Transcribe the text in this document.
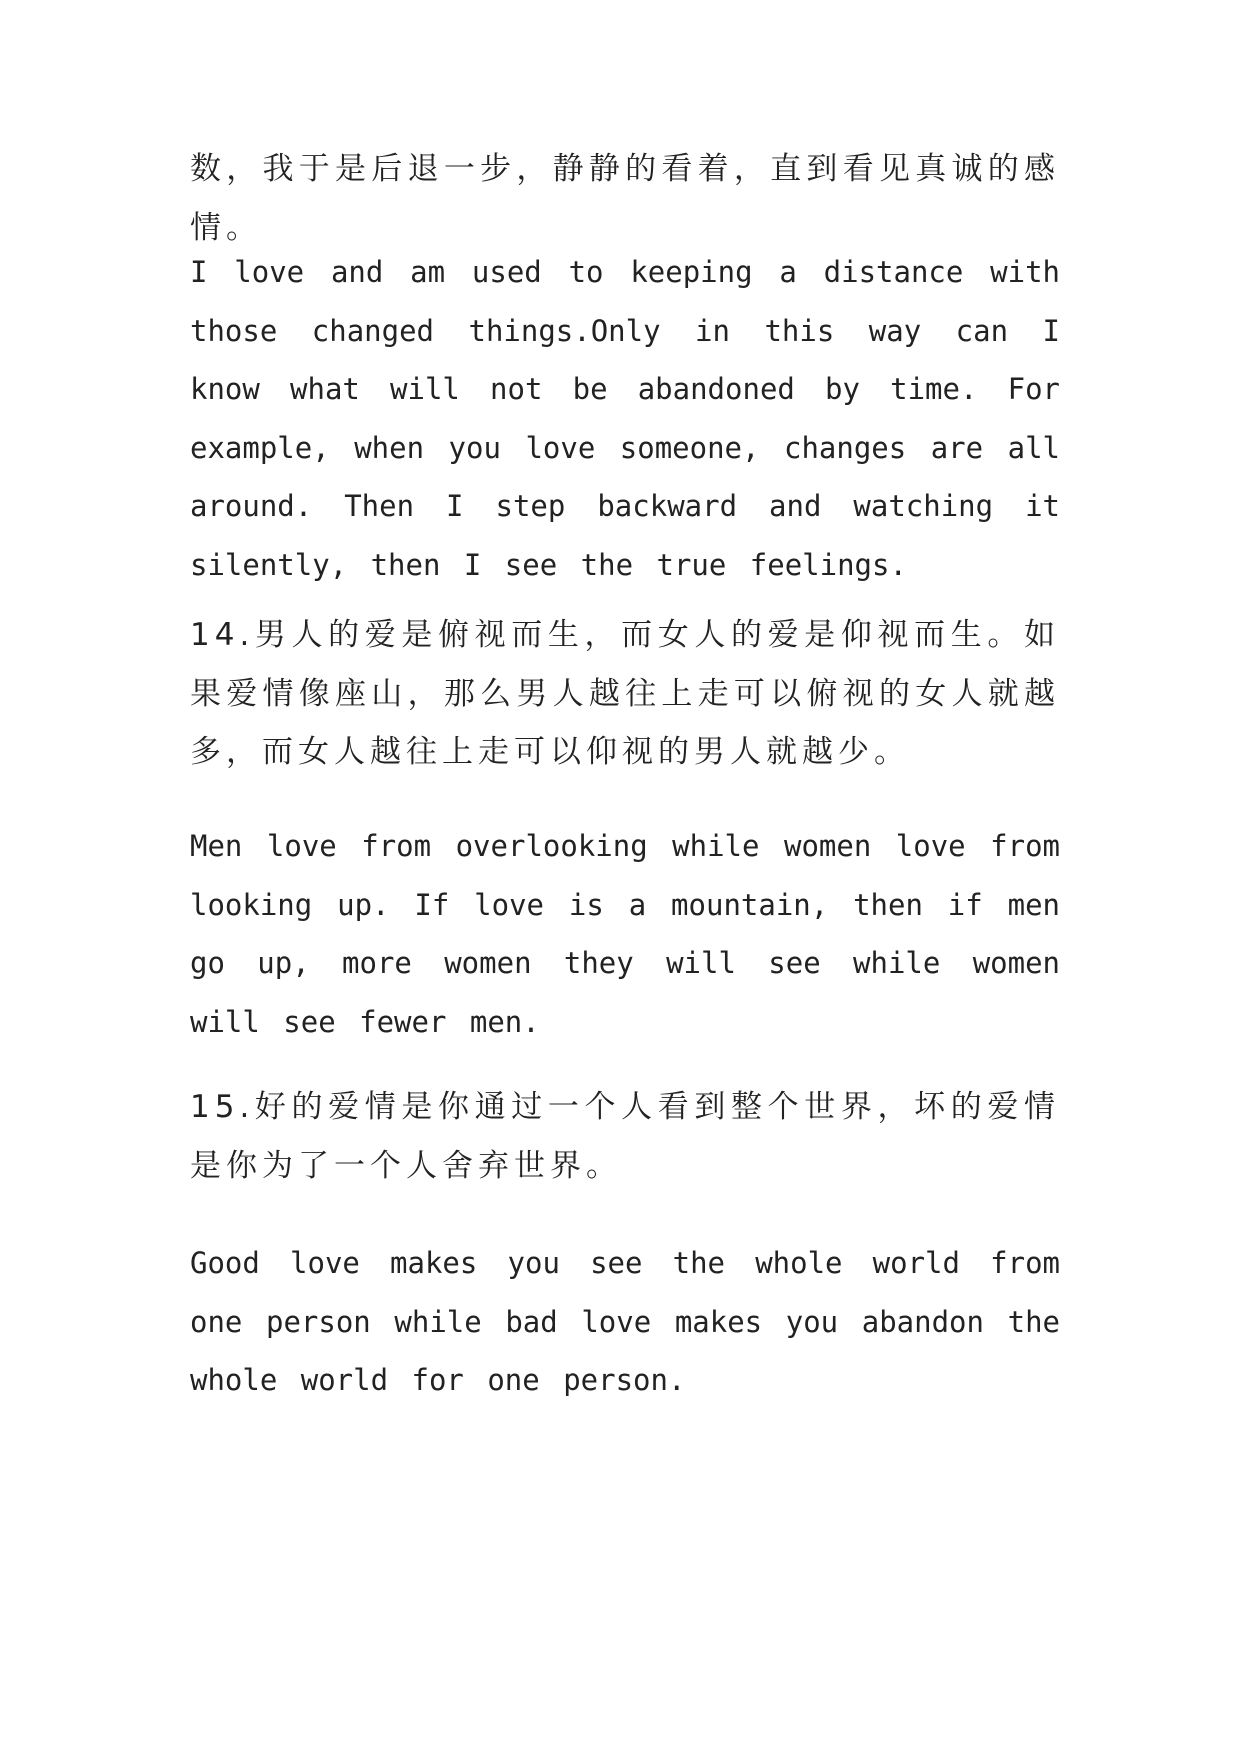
数，我于是后退一步，静静的看着，直到看见真诚的感情。

I love and am used to keeping a distance with those changed things.Only in this way can I know what will not be abandoned by time. For example, when you love someone, changes are all around. Then I step backward and watching it silently, then I see the true feelings.

14.男人的爱是俯视而生，而女人的爱是仰视而生。如果爱情像座山，那么男人越往上走可以俯视的女人就越多，而女人越往上走可以仰视的男人就越少。

Men love from overlooking while women love from looking up. If love is a mountain, then if men go up, more women they will see while women will see fewer men.

15.好的爱情是你通过一个人看到整个世界，坏的爱情是你为了一个人舍弃世界。

Good love makes you see the whole world from one person while bad love makes you abandon the whole world for one person.
